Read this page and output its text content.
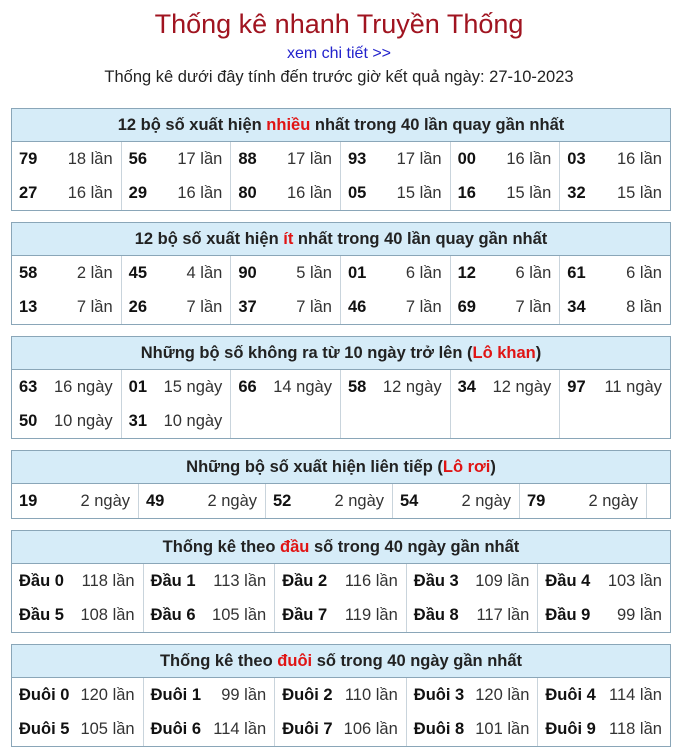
Thống kê nhanh Truyền Thống
xem chi tiết >>
Thống kê dưới đây tính đến trước giờ kết quả ngày: 27-10-2023
12 bộ số xuất hiện nhiều nhất trong 40 lần quay gần nhất
79 18 lần 56 17 lần 88 17 lần 93 17 lần 00 16 lần 03 16 lần
27 16 lần 29 16 lần 80 16 lần 05 15 lần 16 15 lần 32 15 lần
12 bộ số xuất hiện ít nhất trong 40 lần quay gần nhất
58 2 lần 45 4 lần 90 5 lần 01 6 lần 12 6 lần 61 6 lần
13 7 lần 26 7 lần 37 7 lần 46 7 lần 69 7 lần 34 8 lần
Những bộ số không ra từ 10 ngày trở lên (Lô khan)
63 16 ngày 01 15 ngày 66 14 ngày 58 12 ngày 34 12 ngày 97 11 ngày
50 10 ngày 31 10 ngày
Những bộ số xuất hiện liên tiếp (Lô rơi)
19	2 ngày 49	2 ngày 52	2 ngày 54	2 ngày 79	2 ngày
Thống kê theo đầu số trong 40 ngày gần nhất
Đầu 0 118 lần Đầu 1 113 lần Đầu 2 116 lần Đầu 3 109 lần Đầu 4 103 lần
Đầu 5 108 lần Đầu 6 105 lần Đầu 7 119 lần Đầu 8 117 lần Đầu 9 99 lần
Thống kê theo đuôi số trong 40 ngày gần nhất
Đuôi 0 120 lần Đuôi 1 99 lần Đuôi 2 110 lần Đuôi 3 120 lần Đuôi 4 114 lần
Đuôi 5 105 lần Đuôi 6 114 lần Đuôi 7 106 lần Đuôi 8 101 lần Đuôi 9 118 lần
